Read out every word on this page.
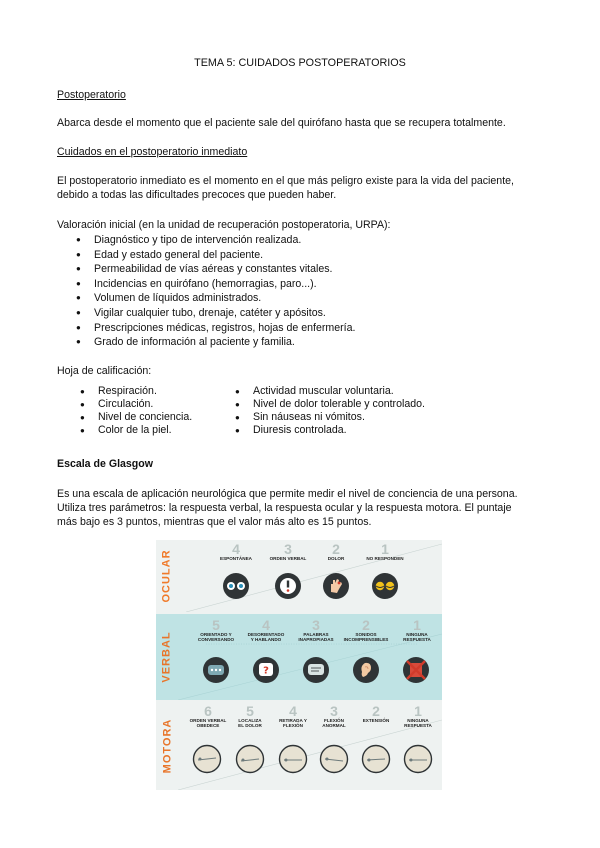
TEMA 5: CUIDADOS POSTOPERATORIOS
Postoperatorio
Abarca desde el momento que el paciente sale del quirófano hasta que se recupera totalmente.
Cuidados en el postoperatorio inmediato
El postoperatorio inmediato es el momento en el que más peligro existe para la vida del paciente,
debido a todas las dificultades precoces que pueden haber.
Valoración inicial (en la unidad de recuperación postoperatoria, URPA):
● Diagnóstico y tipo de intervención realizada.
● Edad y estado general del paciente.
● Permeabilidad de vías aéreas y constantes vitales.
● Incidencias en quirófano (hemorragias, paro...).
● Volumen de líquidos administrados.
● Vigilar cualquier tubo, drenaje, catéter y apósitos.
● Prescripciones médicas, registros, hojas de enfermería.
● Grado de información al paciente y familia.
Hoja de calificación:
● Respiración.
● Circulación.
● Nivel de conciencia.
● Color de la piel.
● Actividad muscular voluntaria.
● Nivel de dolor tolerable y controlado.
● Sin náuseas ni vómitos.
● Diuresis controlada.
Escala de Glasgow
Es una escala de aplicación neurológica que permite medir el nivel de conciencia de una persona.
Utiliza tres parámetros: la respuesta verbal, la respuesta ocular y la respuesta motora. El puntaje
más bajo es 3 puntos, mientras que el valor más alto es 15 puntos.
OCULAR
4
ESPONTÁNEA
3
ORDEN VERBAL
2
DOLOR
1
NO RESPONDEN
VERBAL
5
ORIENTADO Y
CONVERSANDO
4
DESORIENTADO
Y HABLANDO
3
PALABRAS
INAPROPIADAS
2
SONIDOS
INCOMPRENSIBLES
1
NINGUNA
RESPUESTA
?
MOTORA
6
ORDEN VERBAL
OBEDECE
5
LOCALIZA
EL DOLOR
4
RETIRADA Y
FLEXIÓN
3
FLEXIÓN
ANORMAL
2
EXTENSIÓN
1
NINGUNA
RESPUESTA
